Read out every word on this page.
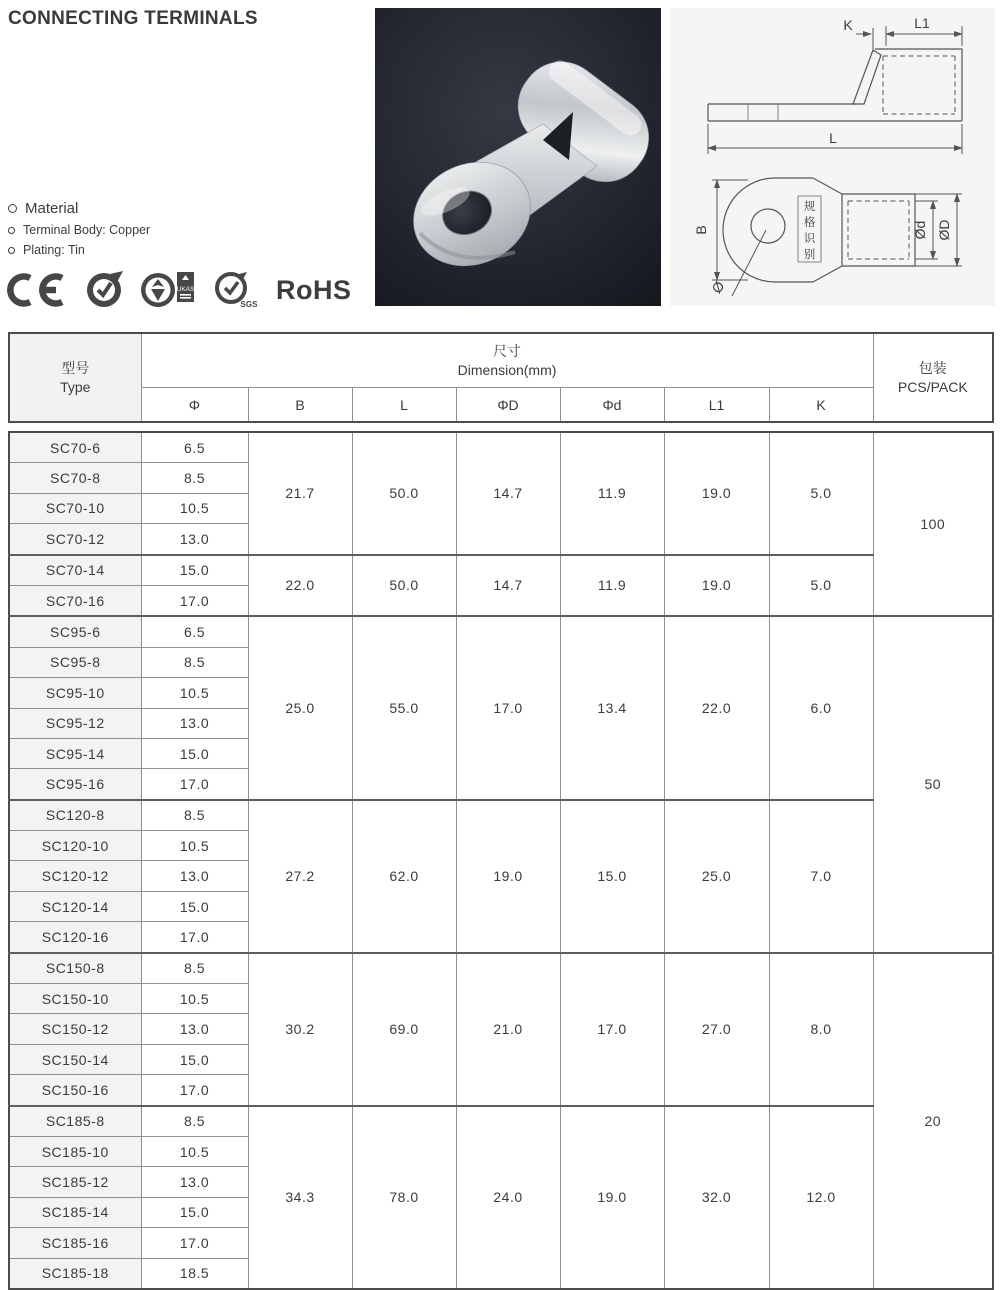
CONNECTING TERMINALS	K	L1
L
规
格
识
别
B	Ød ØD
Ø
Material
Terminal Body: Copper
Plating: Tin
UKAS
SGS RoHS
型号
Type

尺寸
Dimension(mm)	包装
PCS/PACK

	Φ	B	L	ΦD	Φd	L1	K	
SC70-6	6.5	21.7	50.0	14.7	11.9	19.0	5.0	100
SC70-8	8.5							
SC70-10	10.5							
SC70-12	13.0							
SC70-14	15.0	22.0	50.0	14.7	11.9	19.0	5.0	
SC70-16	17.0							
SC95-6	6.5	25.0	55.0	17.0	13.4	22.0	6.0	50
SC95-8	8.5							
SC95-10	10.5							
SC95-12	13.0							
SC95-14	15.0							
SC95-16	17.0							
SC120-8	8.5	27.2	62.0	19.0	15.0	25.0	7.0	
SC120-10	10.5							
SC120-12	13.0							
SC120-14	15.0							
SC120-16	17.0							
SC150-8	8.5	30.2	69.0	21.0	17.0	27.0	8.0	20
SC150-10	10.5							
SC150-12	13.0							
SC150-14	15.0							
SC150-16	17.0							
SC185-8	8.5	34.3	78.0	24.0	19.0	32.0	12.0	
SC185-10	10.5							
SC185-12	13.0							
SC185-14	15.0							
SC185-16	17.0							
SC185-18	18.5							
